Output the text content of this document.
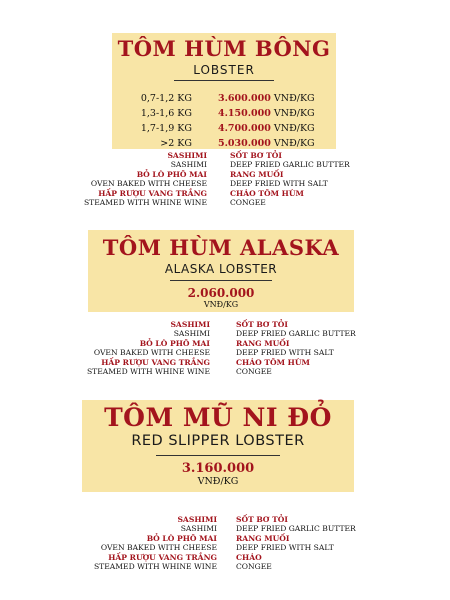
TÔM HÙM BÔNG
LOBSTER
0,7-1,2 KG
1,3-1,6 KG
1,7-1,9 KG
>2 KG
3.600.000 VNĐ/KG
4.150.000 VNĐ/KG
4.700.000 VNĐ/KG
5.030.000 VNĐ/KG
SASHIMI
SASHIMI
BỎ LÒ PHÔ MAI
OVEN BAKED WITH CHEESE
HẤP RƯỢU VANG TRẮNG
STEAMED WITH WHINE WINE
SỐT BƠ TỎI
DEEP FRIED GARLIC BUTTER
RANG MUỐI
DEEP FRIED WITH SALT
CHÁO TÔM HÙM
CONGEE
TÔM HÙM ALASKA
ALASKA LOBSTER
2.060.000
VNĐ/KG
SASHIMI
SASHIMI
BỎ LÒ PHÔ MAI
OVEN BAKED WITH CHEESE
HẤP RƯỢU VANG TRẮNG
STEAMED WITH WHINE WINE
SỐT BƠ TỎI
DEEP FRIED GARLIC BUTTER
RANG MUỐI
DEEP FRIED WITH SALT
CHÁO TÔM HÙM
CONGEE
TÔM MŨ NI ĐỎ
RED SLIPPER LOBSTER
3.160.000
VNĐ/KG
SASHIMI
SASHIMI
BỎ LÒ PHÔ MAI
OVEN BAKED WITH CHEESE
HẤP RƯỢU VANG TRẮNG
STEAMED WITH WHINE WINE
SỐT BƠ TỎI
DEEP FRIED GARLIC BUTTER
RANG MUỐI
DEEP FRIED WITH SALT
CHÁO
CONGEE
